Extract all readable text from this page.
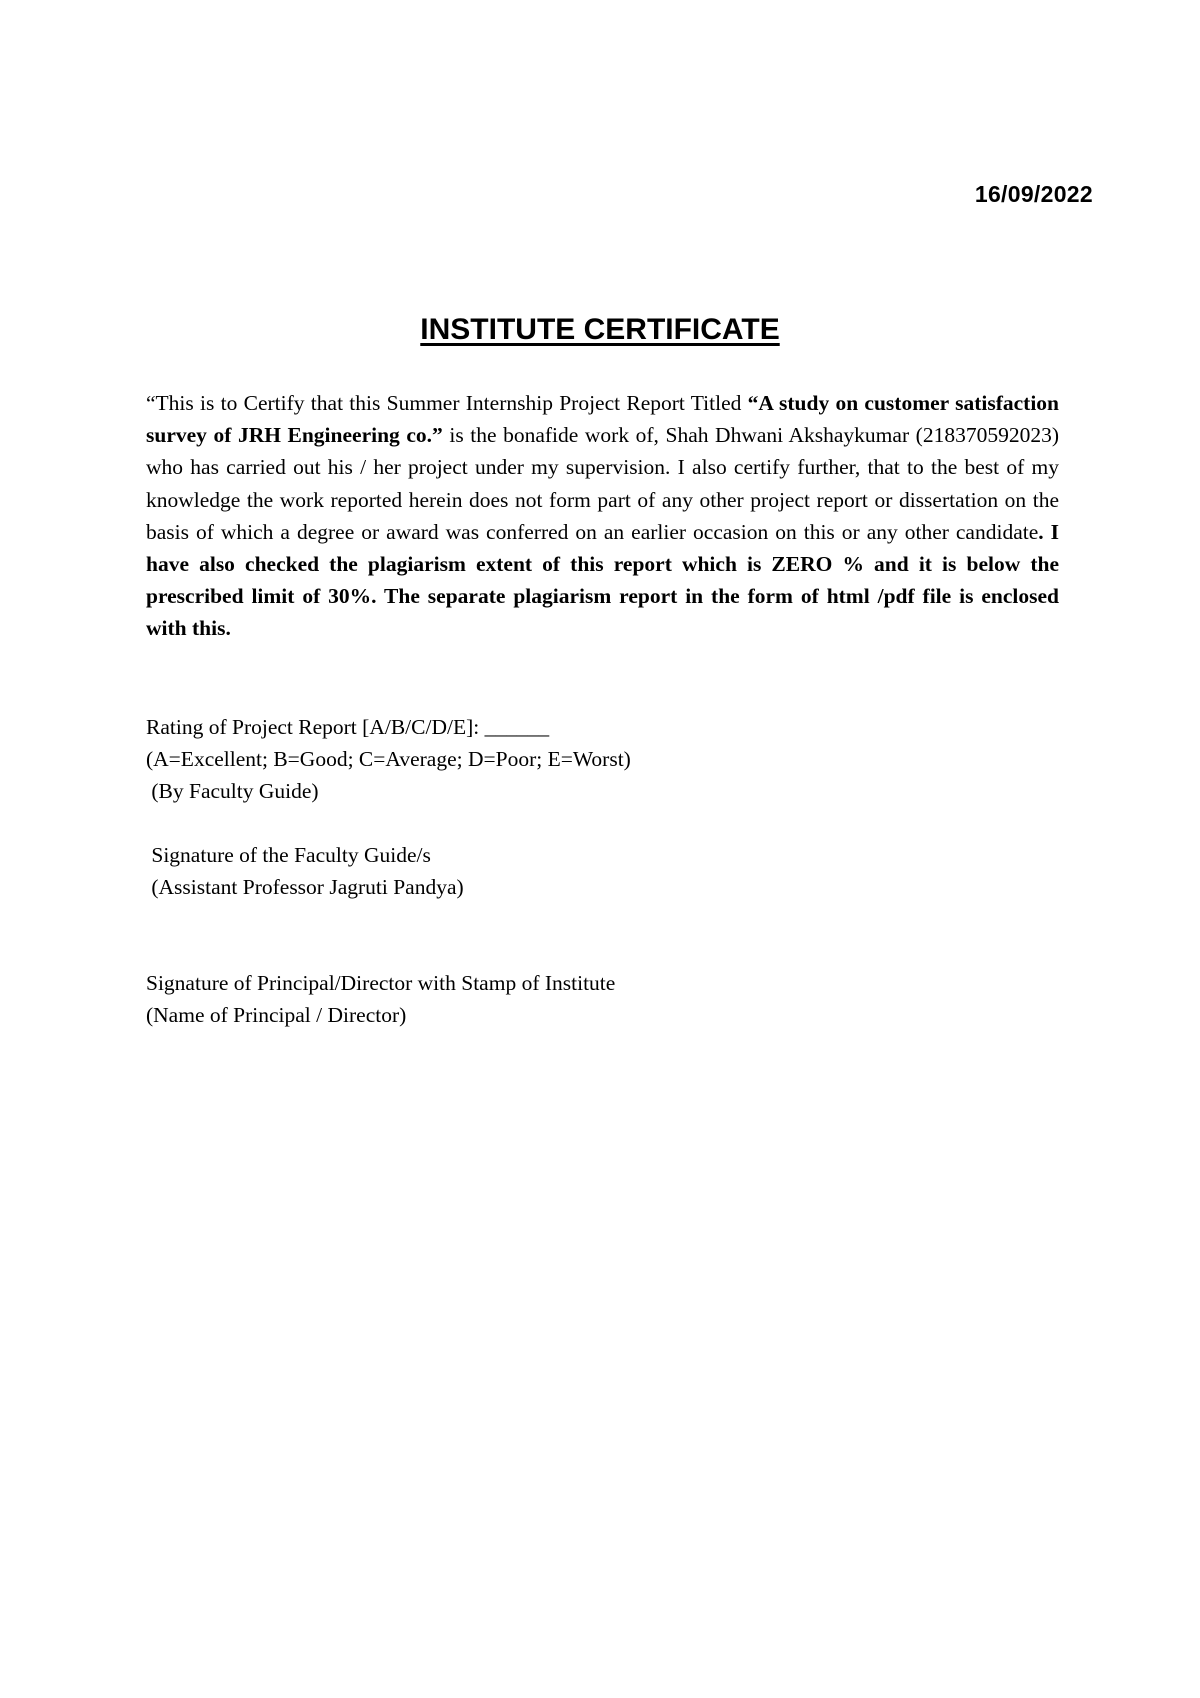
16/09/2022
INSTITUTE CERTIFICATE

“This is to Certify that this Summer Internship Project Report Titled “A study on customer satisfaction survey of JRH Engineering co.” is the bonafide work of, Shah Dhwani Akshaykumar (218370592023) who has carried out his / her project under my supervision. I also certify further, that to the best of my knowledge the work reported herein does not form part of any other project report or dissertation on the basis of which a degree or award was conferred on an earlier occasion on this or any other candidate. I have also checked the plagiarism extent of this report which is ZERO % and it is below the prescribed limit of 30%. The separate plagiarism report in the form of html /pdf file is enclosed with this.

Rating of Project Report [A/B/C/D/E]: ______
(A=Excellent; B=Good; C=Average; D=Poor; E=Worst)
(By Faculty Guide)
Signature of the Faculty Guide/s
(Assistant Professor Jagruti Pandya)
Signature of Principal/Director with Stamp of Institute
(Name of Principal / Director)
